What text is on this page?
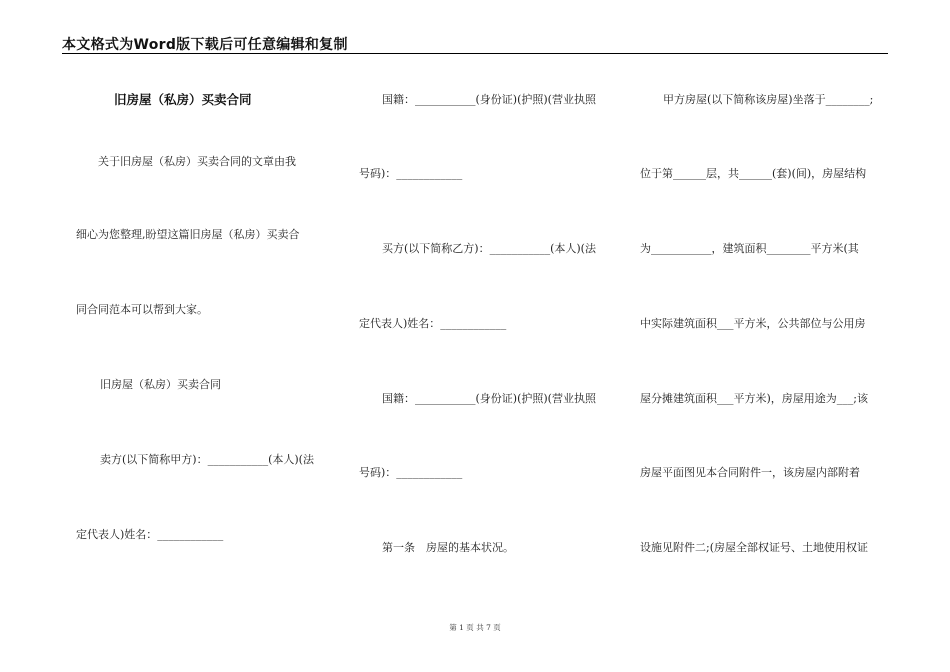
本文格式为Word版下载后可任意编辑和复制
旧房屋（私房）买卖合同
关于旧房屋（私房）买卖合同的文章由我
细心为您整理,盼望这篇旧房屋（私房）买卖合
同合同范本可以帮到大家。
旧房屋（私房）买卖合同
卖方(以下简称甲方)：___________(本人)(法
定代表人)姓名：____________
国籍：___________(身份证)(护照)(营业执照
号码)：____________
买方(以下简称乙方)：___________(本人)(法
定代表人)姓名：____________
国籍：___________(身份证)(护照)(营业执照
号码)：____________
第一条　房屋的基本状况。
甲方房屋(以下简称该房屋)坐落于________;
位于第______层，共______(套)(间)，房屋结构
为___________，建筑面积________平方米(其
中实际建筑面积___平方米，公共部位与公用房
屋分摊建筑面积___平方米)，房屋用途为___;该
房屋平面图见本合同附件一，该房屋内部附着
设施见附件二;(房屋全部权证号、土地使用权证
第 1 页 共 7 页
